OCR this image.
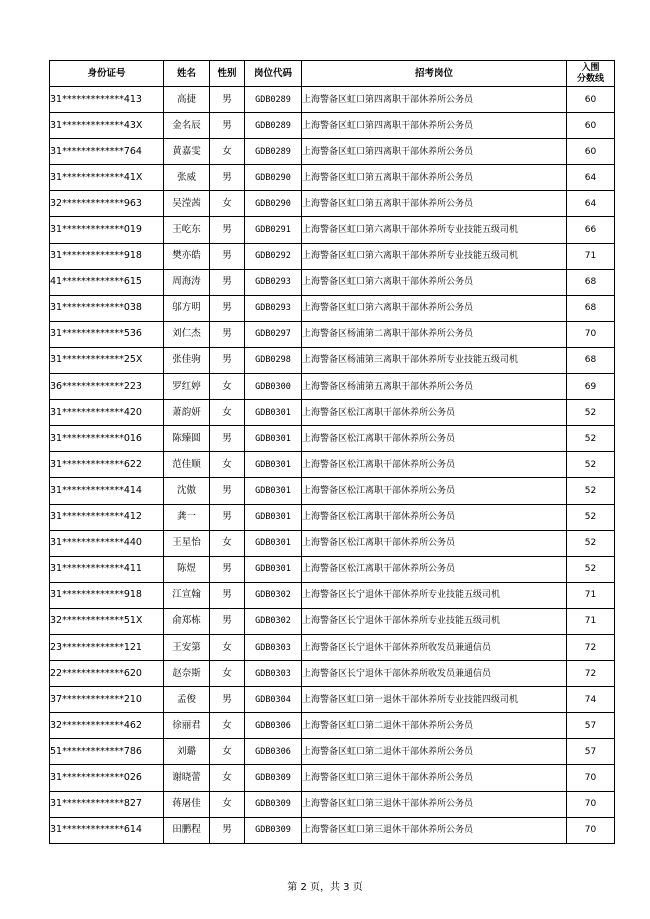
身份证号	姓名	性别	岗位代码	招考岗位	入围
分数线

31*************413	高捷	男	GDB0289	上海警备区虹口第四离职干部休养所公务员	60
31*************43X	金名辰	男	GDB0289	上海警备区虹口第四离职干部休养所公务员	60
31*************764	黄嘉雯	女	GDB0289	上海警备区虹口第四离职干部休养所公务员	60
31*************41X	张威	男	GDB0290	上海警备区虹口第五离职干部休养所公务员	64
32*************963	吴滢茜	女	GDB0290	上海警备区虹口第五离职干部休养所公务员	64
31*************019	王屹东	男	GDB0291	上海警备区虹口第六离职干部休养所专业技能五级司机	66
31*************918	樊亦皓	男	GDB0292	上海警备区虹口第六离职干部休养所专业技能五级司机	71
41*************615	周海涛	男	GDB0293	上海警备区虹口第六离职干部休养所公务员	68
31*************038	邬方明	男	GDB0293	上海警备区虹口第六离职干部休养所公务员	68
31*************536	刘仁杰	男	GDB0297	上海警备区杨浦第二离职干部休养所公务员	70
31*************25X	张佳驹	男	GDB0298	上海警备区杨浦第三离职干部休养所专业技能五级司机	68
36*************223	罗红婷	女	GDB0300	上海警备区杨浦第五离职干部休养所公务员	69
31*************420	萧韵妍	女	GDB0301	上海警备区松江离职干部休养所公务员	52
31*************016	陈臻圆	男	GDB0301	上海警备区松江离职干部休养所公务员	52
31*************622	范佳顺	女	GDB0301	上海警备区松江离职干部休养所公务员	52
31*************414	沈傲	男	GDB0301	上海警备区松江离职干部休养所公务员	52
31*************412	龚一	男	GDB0301	上海警备区松江离职干部休养所公务员	52
31*************440	王星怡	女	GDB0301	上海警备区松江离职干部休养所公务员	52
31*************411	陈煜	男	GDB0301	上海警备区松江离职干部休养所公务员	52
31*************918	江宣翰	男	GDB0302	上海警备区长宁退休干部休养所专业技能五级司机	71
32*************51X	俞郑栋	男	GDB0302	上海警备区长宁退休干部休养所专业技能五级司机	71
23*************121	王安第	女	GDB0303	上海警备区长宁退休干部休养所收发员兼通信员	72
22*************620	赵奈斯	女	GDB0303	上海警备区长宁退休干部休养所收发员兼通信员	72
37*************210	孟俊	男	GDB0304	上海警备区虹口第一退休干部休养所专业技能四级司机	74
32*************462	徐丽君	女	GDB0306	上海警备区虹口第二退休干部休养所公务员	57
51*************786	刘璐	女	GDB0306	上海警备区虹口第二退休干部休养所公务员	57
31*************026	谢晓蕾	女	GDB0309	上海警备区虹口第三退休干部休养所公务员	70
31*************827	蒋屠佳	女	GDB0309	上海警备区虹口第三退休干部休养所公务员	70
31*************614	田鹏程	男	GDB0309	上海警备区虹口第三退休干部休养所公务员	70
第 2 页，共 3 页
